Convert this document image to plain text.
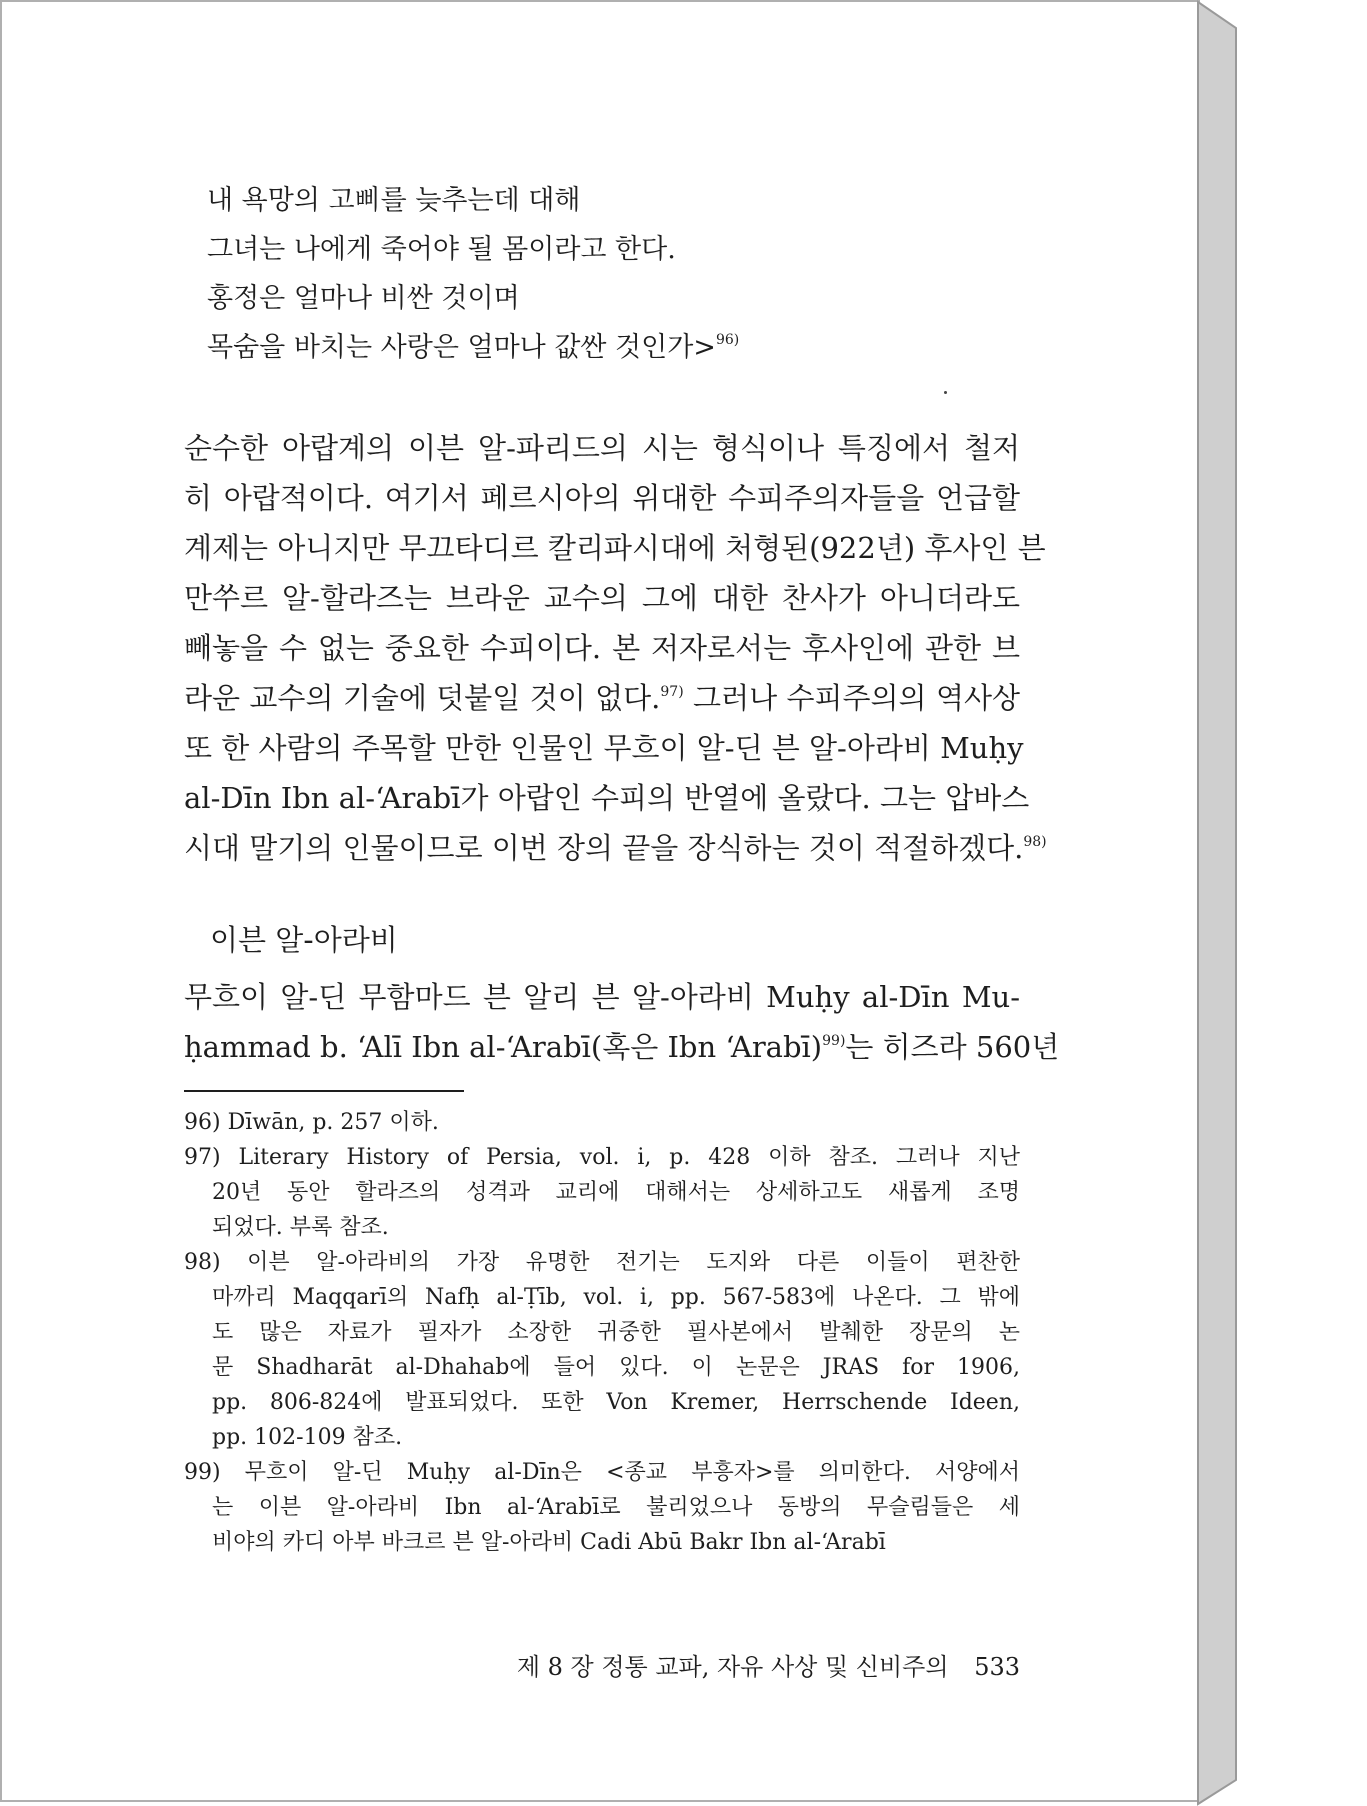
내 욕망의 고삐를 늦추는데 대해
그녀는 나에게 죽어야 될 몸이라고 한다.
홍정은 얼마나 비싼 것이며
목숨을 바치는 사랑은 얼마나 값싼 것인가>$^{96)}$
순수한 아랍계의 이븐 알-파리드의 시는 형식이나 특징에서 철저
히 아랍적이다. 여기서 페르시아의 위대한 수피주의자들을 언급할
계제는 아니지만 무끄타디르 칼리파시대에 처형된(922년) 후사인 븐
만쑤르 알-할라즈는 브라운 교수의 그에 대한 찬사가 아니더라도
빼놓을 수 없는 중요한 수피이다. 본 저자로서는 후사인에 관한 브
라운 교수의 기술에 덧붙일 것이 없다.$^{97)}$ 그러나 수피주의의 역사상
또 한 사람의 주목할 만한 인물인 무흐이 알-딘 븐 알-아라비 Muḥy
al-Dīn Ibn al-‘Arabī가 아랍인 수피의 반열에 올랐다. 그는 압바스
시대 말기의 인물이므로 이번 장의 끝을 장식하는 것이 적절하겠다.$^{98)}$
이븐 알-아라비
무흐이 알-딘 무함마드 븐 알리 븐 알-아라비 Muḥy al-Dīn Mu-
ḥammad b. ‘Alī Ibn al-‘Arabī(혹은 Ibn ‘Arabī)$^{99)}$는 히즈라 560년
96) Dīwān, p. 257 이하.
97) Literary History of Persia, vol. i, p. 428 이하 참조. 그러나 지난
20년 동안 할라즈의 성격과 교리에 대해서는 상세하고도 새롭게 조명
되었다. 부록 참조.
98) 이븐 알-아라비의 가장 유명한 전기는 도지와 다른 이들이 편찬한
마까리 Maqqarī의 Nafḥ al-Ṭīb, vol. i, pp. 567-583에 나온다. 그 밖에
도 많은 자료가 필자가 소장한 귀중한 필사본에서 발췌한 장문의 논
문 Shadharāt al-Dhahab에 들어 있다. 이 논문은 JRAS for 1906,
pp. 806-824에 발표되었다. 또한 Von Kremer, Herrschende Ideen,
pp. 102-109 참조.
99) 무흐이 알-딘 Muḥy al-Dīn은 <종교 부흥자>를 의미한다. 서양에서
는 이븐 알-아라비 Ibn al-‘Arabī로 불리었으나 동방의 무슬림들은 세
비야의 카디 아부 바크르 븐 알-아라비 Cadi Abū Bakr Ibn al-‘Arabī
제 8 장 정통 교파, 자유 사상 및 신비주의 533
